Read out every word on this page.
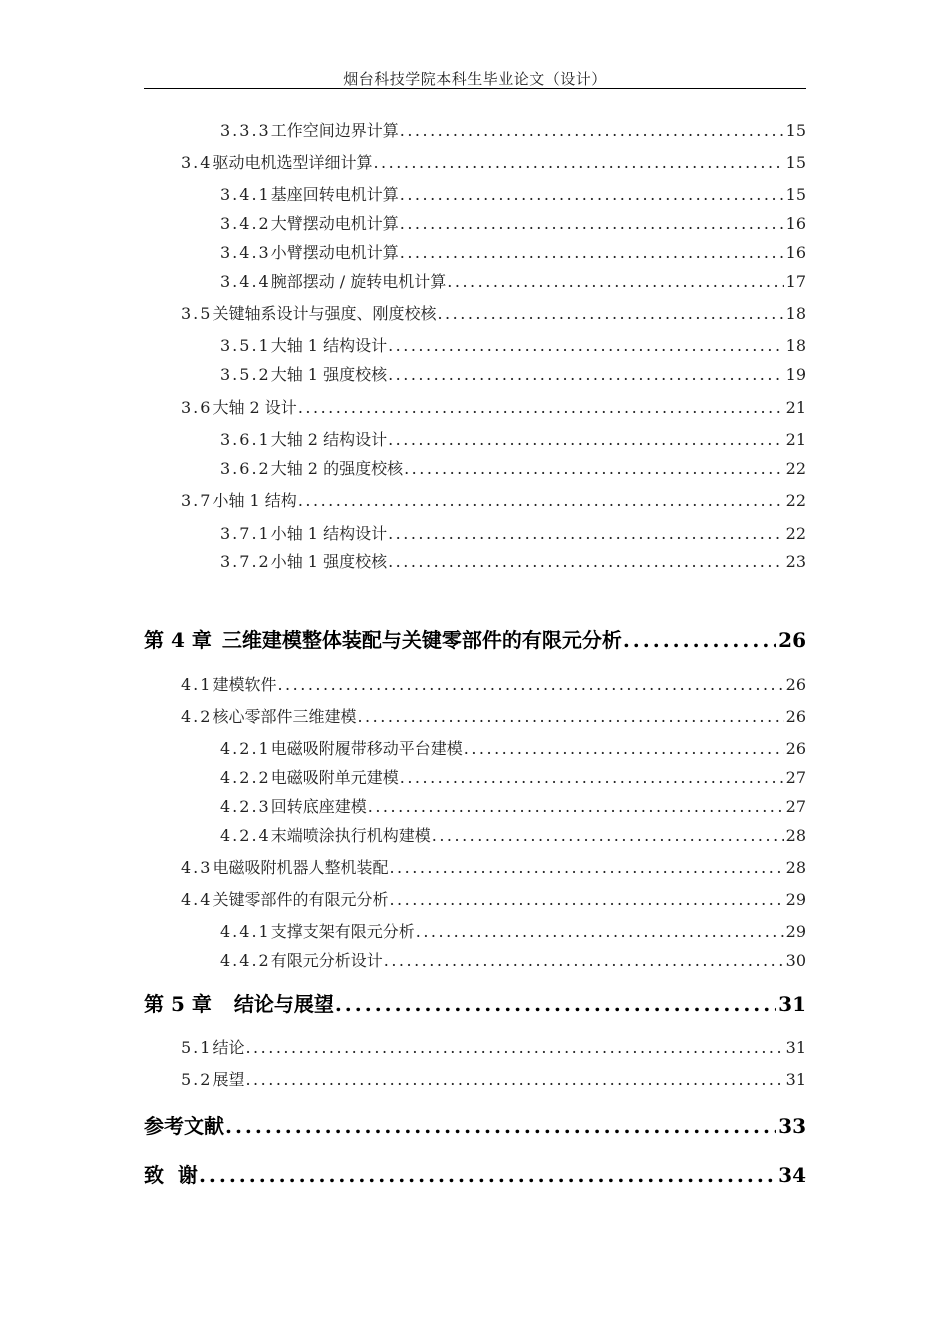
烟台科技学院本科生毕业论文（设计）
3.3.3 工作空间边界计算 .....	15
3.4 驱动电机选型详细计算 .....	15
3.4.1 基座回转电机计算 .....	15
3.4.2 大臂摆动电机计算 .....	16
3.4.3 小臂摆动电机计算 .....	16
3.4.4 腕部摆动 / 旋转电机计算 .....	17
3.5 关键轴系设计与强度、刚度校核 .....	18
3.5.1 大轴 1 结构设计 .....	18
3.5.2 大轴 1 强度校核 .....	19
3.6 大轴 2 设计 .....	21
3.6.1 大轴 2 结构设计 .....	21
3.6.2 大轴 2 的强度校核 .....	22
3.7 小轴 1 结构 .....	22
3.7.1 小轴 1 结构设计 .....	22
3.7.2 小轴 1 强度校核 .....	23
第 4 章 三维建模整体装配与关键零部件的有限元分析 .....	26
4.1 建模软件 .....	26
4.2 核心零部件三维建模 .....	26
4.2.1 电磁吸附履带移动平台建模 .....	26
4.2.2 电磁吸附单元建模 .....	27
4.2.3 回转底座建模 .....	27
4.2.4 末端喷涂执行机构建模 .....	28
4.3 电磁吸附机器人整机装配 .....	28
4.4 关键零部件的有限元分析 .....	29
4.4.1 支撑支架有限元分析 .....	29
4.4.2 有限元分析设计 .....	30
第 5 章 结论与展望 .....	31
5.1 结论 .....	31
5.2 展望 .....	31
参考文献 .....	33
致  谢 .....	34
